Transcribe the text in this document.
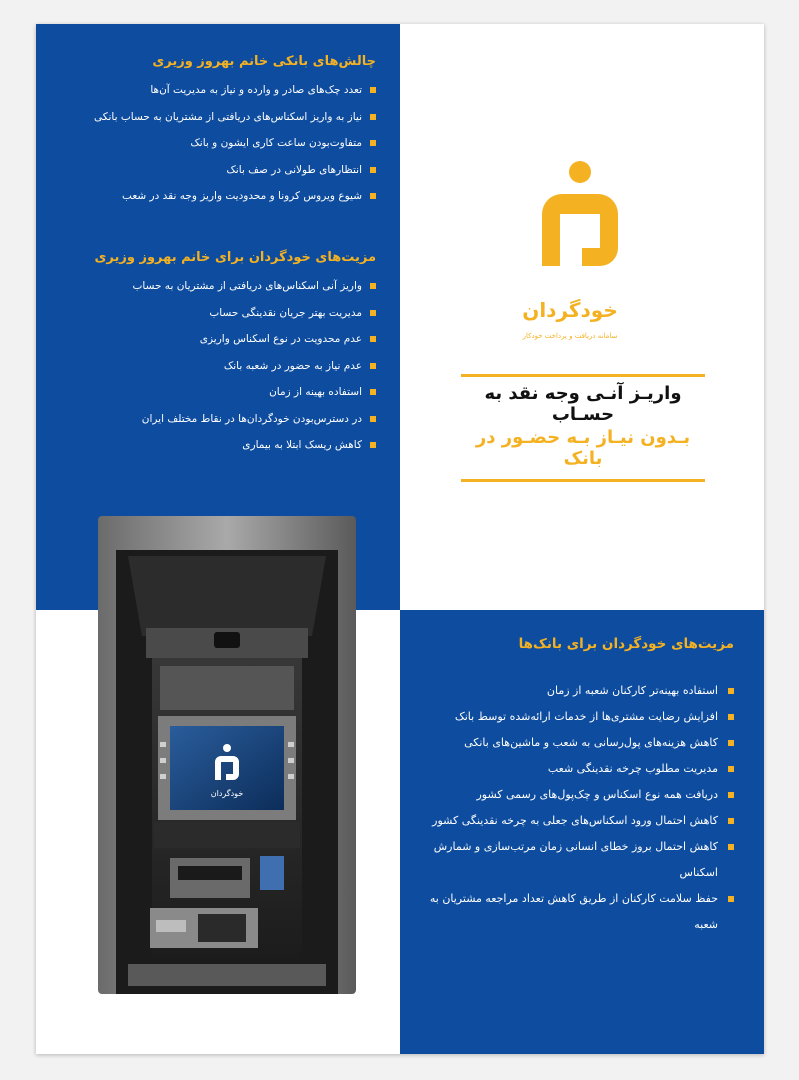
چالش‌های بانکی خانم بهروز وزیری
تعدد چک‌های صادر و وارده و نیاز به مدیریت آن‌ها
نیاز به واریز اسکناس‌های دریافتی از مشتریان به حساب بانکی
متفاوت‌بودن ساعت کاری ایشون و بانک
انتظارهای طولانی در صف بانک
شیوع ویروس کرونا و محدودیت واریز وجه نقد در شعب
مزیت‌های خودگردان برای خانم بهروز وزیری
واریز آنی اسکناس‌های دریافتی از مشتریان به حساب
مدیریت بهتر جریان نقدینگی حساب
عدم محدویت در نوع اسکناس واریزی
عدم نیاز به حضور در شعبه بانک
استفاده بهینه از زمان
در دسترس‌بودن خودگردان‌ها در نقاط مختلف ایران
کاهش ریسک ابتلا به بیماری
خودگردان
سامانه دریافت و پرداخت خودکار
واریـز آنـی وجه نقد به حسـاب
بـدون نیـاز بـه حضـور در بانک
خودگردان
مزیت‌های خودگردان برای بانک‌ها
استفاده بهینه‌تر کارکنان شعبه از زمان
افزایش رضایت مشتری‌ها از خدمات ارائه‌شده توسط بانک
کاهش هزینه‌های پول‌رسانی به شعب و ماشین‌های بانکی
مدیریت مطلوب چرخه نقدینگی شعب
دریافت همه نوع اسکناس و چک‌پول‌های رسمی کشور
کاهش احتمال ورود اسکناس‌های جعلی به چرخه نقدینگی کشور
کاهش احتمال بروز خطای انسانی زمان مرتب‌سازی و شمارش اسکناس
حفظ سلامت کارکنان از طریق کاهش تعداد مراجعه مشتریان به شعبه
